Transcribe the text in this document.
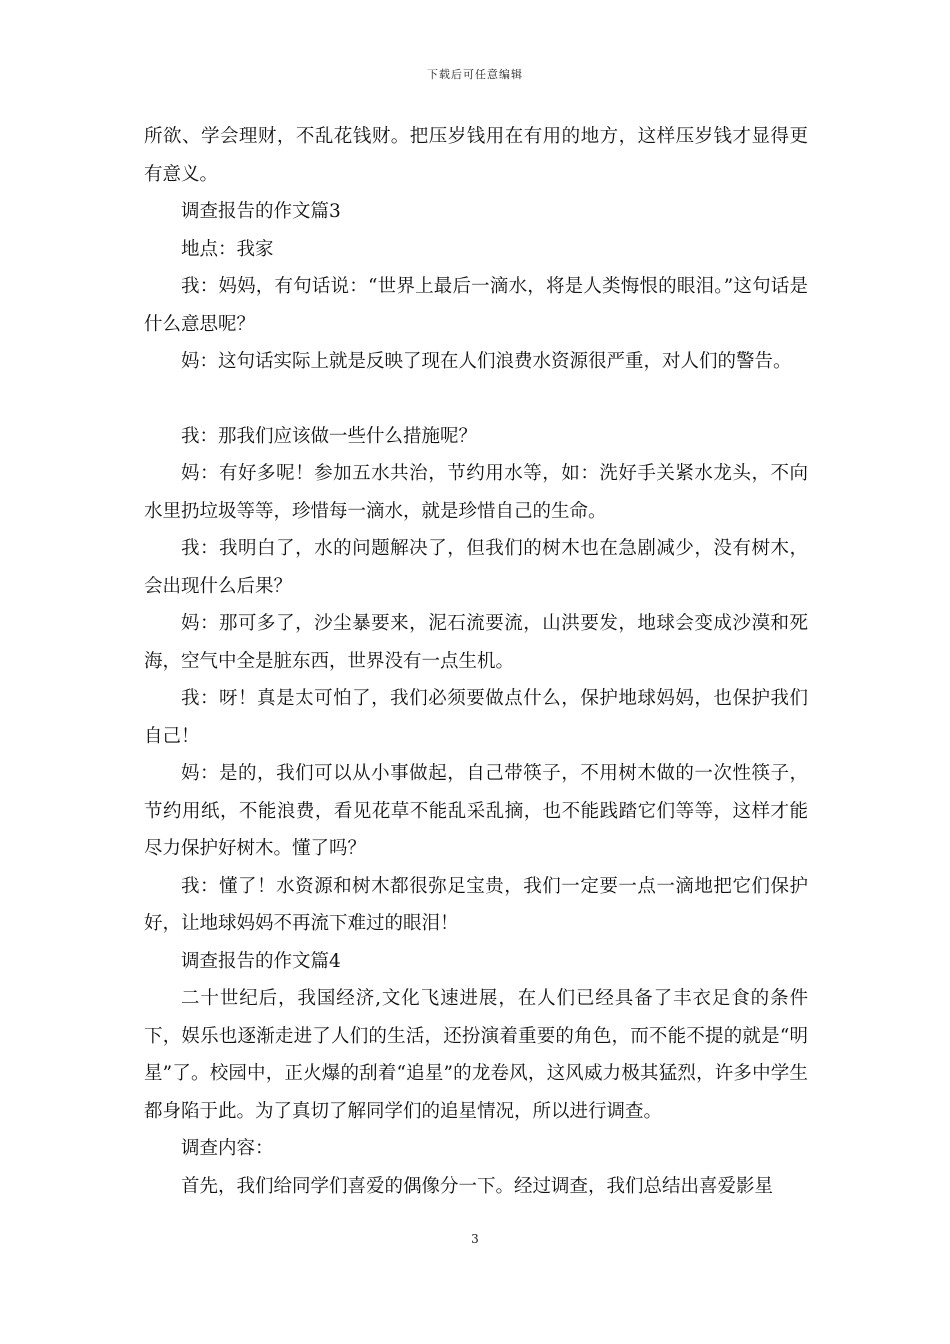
下载后可任意编辑

所欲、学会理财，不乱花钱财。把压岁钱用在有用的地方，这样压岁钱才显得更有意义。

调查报告的作文篇3

地点：我家

我：妈妈，有句话说：“世界上最后一滴水，将是人类悔恨的眼泪。”这句话是什么意思呢？

妈：这句话实际上就是反映了现在人们浪费水资源很严重，对人们的警告。

我：那我们应该做一些什么措施呢？

妈：有好多呢！参加五水共治，节约用水等，如：洗好手关紧水龙头，不向水里扔垃圾等等，珍惜每一滴水，就是珍惜自己的生命。

我：我明白了，水的问题解决了，但我们的树木也在急剧减少，没有树木，会出现什么后果？

妈：那可多了，沙尘暴要来，泥石流要流，山洪要发，地球会变成沙漠和死海，空气中全是脏东西，世界没有一点生机。

我：呀！真是太可怕了，我们必须要做点什么，保护地球妈妈，也保护我们自己！

妈：是的，我们可以从小事做起，自己带筷子，不用树木做的一次性筷子，节约用纸，不能浪费，看见花草不能乱采乱摘，也不能践踏它们等等，这样才能尽力保护好树木。懂了吗？

我：懂了！水资源和树木都很弥足宝贵，我们一定要一点一滴地把它们保护好，让地球妈妈不再流下难过的眼泪！

调查报告的作文篇4

二十世纪后，我国经济,文化飞速进展，在人们已经具备了丰衣足食的条件下，娱乐也逐渐走进了人们的生活，还扮演着重要的角色，而不能不提的就是“明星”了。校园中，正火爆的刮着“追星”的龙卷风，这风威力极其猛烈，许多中学生都身陷于此。为了真切了解同学们的追星情况，所以进行调查。

调查内容：

首先，我们给同学们喜爱的偶像分一下。经过调查，我们总结出喜爱影星

3
